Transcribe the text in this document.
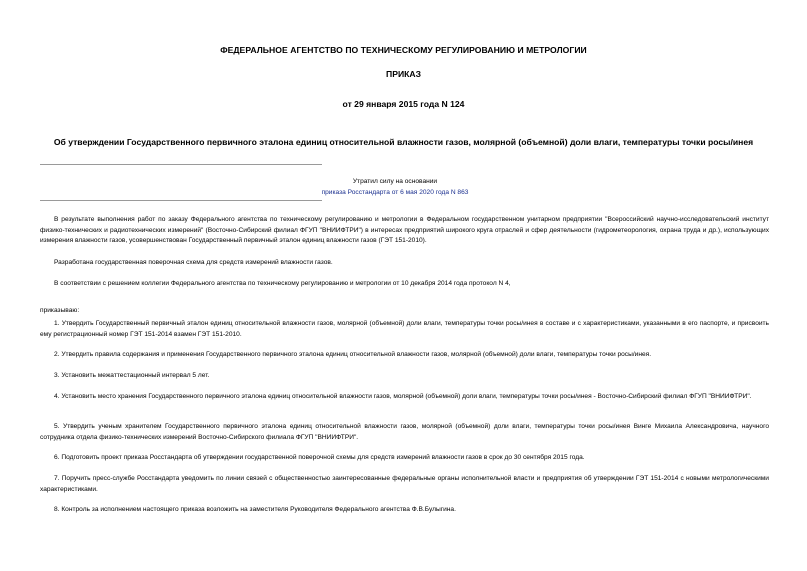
ФЕДЕРАЛЬНОЕ АГЕНТСТВО ПО ТЕХНИЧЕСКОМУ РЕГУЛИРОВАНИЮ И МЕТРОЛОГИИ
ПРИКАЗ
от 29 января 2015 года N 124
Об утверждении Государственного первичного эталона единиц относительной влажности газов, молярной (объемной) доли влаги, температуры точки росы/инея
Утратил силу на основании
приказа Росстандарта от 6 мая 2020 года N 863
В результате выполнения работ по заказу Федерального агентства по техническому регулированию и метрологии в Федеральном государственном унитарном предприятии "Всероссийский научно-исследовательский институт физико-технических и радиотехнических измерений" (Восточно-Сибирский филиал ФГУП "ВНИИФТРИ") в интересах предприятий широкого круга отраслей и сфер деятельности (гидрометеорология, охрана труда и др.), использующих измерения влажности газов, усовершенствован Государственный первичный эталон единиц влажности газов (ГЭТ 151-2010).
Разработана государственная поверочная схема для средств измерений влажности газов.
В соответствии с решением коллегии Федерального агентства по техническому регулированию и метрологии от 10 декабря 2014 года протокол N 4,
приказываю:
1. Утвердить Государственный первичный эталон единиц относительной влажности газов, молярной (объемной) доли влаги, температуры точки росы/инея в составе и с характеристиками, указанными в его паспорте, и присвоить ему регистрационный номер ГЭТ 151-2014 взамен ГЭТ 151-2010.
2. Утвердить правила содержания и применения Государственного первичного эталона единиц относительной влажности газов, молярной (объемной) доли влаги, температуры точки росы/инея.
3. Установить межаттестационный интервал 5 лет.
4. Установить место хранения Государственного первичного эталона единиц относительной влажности газов, молярной (объемной) доли влаги, температуры точки росы/инея - Восточно-Сибирский филиал ФГУП "ВНИИФТРИ".
5. Утвердить ученым хранителем Государственного первичного эталона единиц относительной влажности газов, молярной (объемной) доли влаги, температуры точки росы/инея Винге Михаила Александровича, научного сотрудника отдела физико-технических измерений Восточно-Сибирского филиала ФГУП "ВНИИФТРИ".
6. Подготовить проект приказа Росстандарта об утверждении государственной поверочной схемы для средств измерений влажности газов в срок до 30 сентября 2015 года.
7. Поручить пресс-службе Росстандарта уведомить по линии связей с общественностью заинтересованные федеральные органы исполнительной власти и предприятия об утверждении ГЭТ 151-2014 с новыми метрологическими характеристиками.
8. Контроль за исполнением настоящего приказа возложить на заместителя Руководителя Федерального агентства Ф.В.Булыгина.
